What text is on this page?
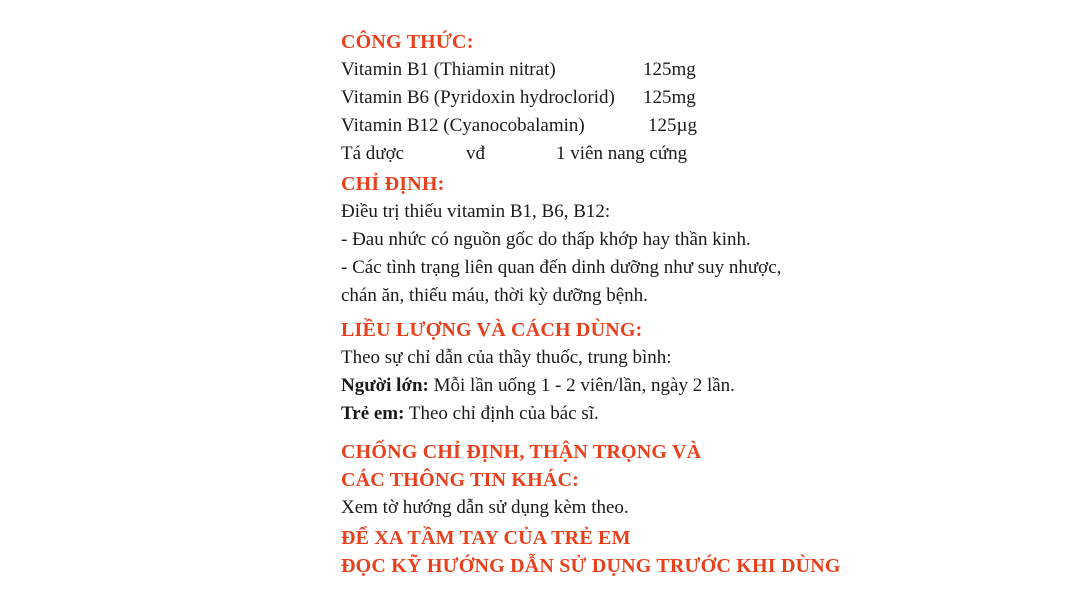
CÔNG THỨC:
Vitamin B1 (Thiamin nitrat)	125mg
Vitamin B6 (Pyridoxin hydroclorid) 125mg
Vitamin B12 (Cyanocobalamin)	125µg
Tá dược	vđ	1 viên nang cứng
CHỈ ĐỊNH:
Điều trị thiếu vitamin B1, B6, B12:
- Đau nhức có nguồn gốc do thấp khớp hay thần kinh.
- Các tình trạng liên quan đến dinh dưỡng như suy nhược,
chán ăn, thiếu máu, thời kỳ dưỡng bệnh.
LIỀU LƯỢNG VÀ CÁCH DÙNG:
Theo sự chỉ dẫn của thầy thuốc, trung bình:
Người lớn: Mỗi lần uống 1 - 2 viên/lần, ngày 2 lần.
Trẻ em: Theo chỉ định của bác sĩ.
CHỐNG CHỈ ĐỊNH, THẬN TRỌNG VÀ
CÁC THÔNG TIN KHÁC:
Xem tờ hướng dẫn sử dụng kèm theo.
ĐỂ XA TẦM TAY CỦA TRẺ EM
ĐỌC KỸ HƯỚNG DẪN SỬ DỤNG TRƯỚC KHI DÙNG
